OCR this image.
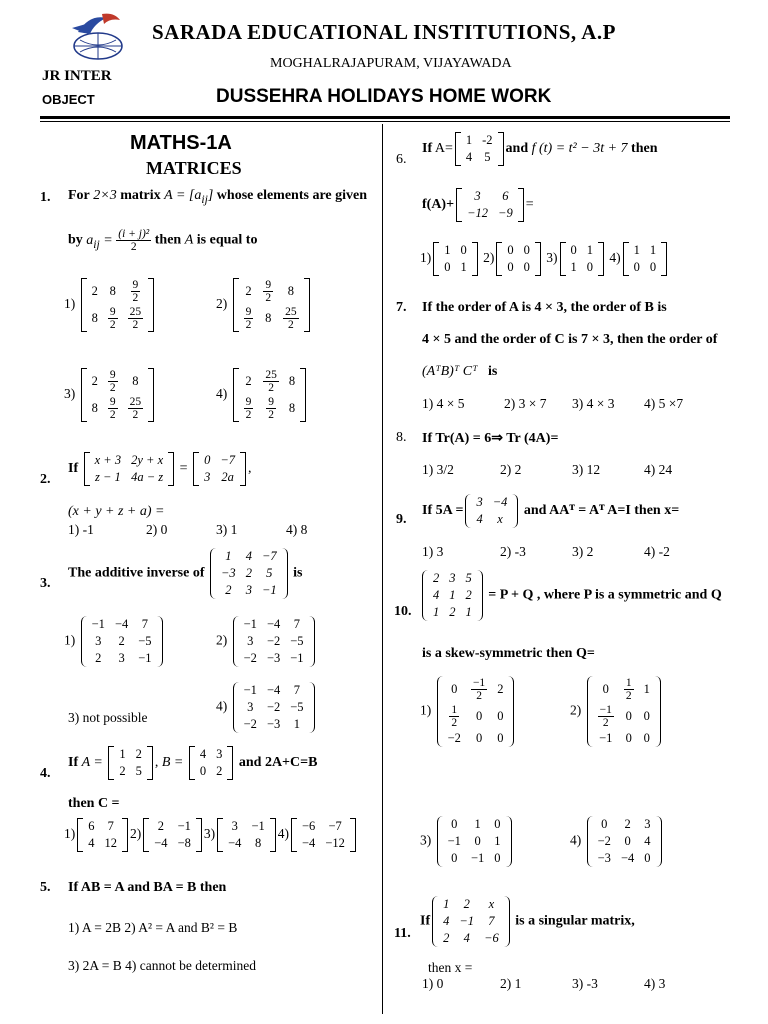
SARADA EDUCATIONAL INSTITUTIONS, A.P
MOGHALRAJAPURAM, VIJAYAWADA
JR INTER
OBJECT	DUSSEHRA HOLIDAYS HOME WORK
MATHS-1A
MATRICES
1. For 2×3 matrix $A = [a_{ij}]$ whose elements are given
by $a_{ij} = \frac{\text{(i + j)²}}{2}$ then A is equal to
1)
2	8	$\frac{9}{2}$

8	$\frac{9}{2}$	$\frac{25}{2}$
2)
2	$\frac{9}{2}$	8

$\frac{9}{2}$	8	$\frac{25}{2}$
3)
2	$\frac{9}{2}$	8
8	$\frac{9}{2}$	$\frac{25}{2}$
4)
2	$\frac{25}{2}$	8

$\frac{9}{2}$	$\frac{9}{2}$	8
2.
If
x + 3	2y + x
z − 1	4a − z
=
0	−7
3	2a
,
(x + y + z + a) =
1) -1	2) 0	3) 1	4) 8
3.
The additive inverse of
1	4	−7
−3	2	5
2	3	−1
is
1)
−1	−4	7
3	2	−5
2	3	−1
2)
−1	−4	7
3	−2	−5
−2	−3	−1
3) not possible
4)
−1	−4	7
3	−2	−5
−2	−3	1
4.
If A =
1	2
2	5
, B =
4	3
0	2
and 2A+C=B
then C =
1)
6	7
4	12
2)
2	−1
−4	−8
3)
3	−1
−4	8
4)
−6	−7
−4	−12
5. If AB = A and BA = B then
1) A = 2B 2) A² = A and B² = B
3) 2A = B 4) cannot be determined
6.
If A=
1	-2
4	5
and f (t) = t² − 3t + 7 then
f(A)+
3	6
−12	−9
=
1)
1	0
0	1
2)
0	0
0	0
3)
0	1
1	0
4)
1	1
0	0
7. If the order of A is 4 × 3, the order of B is
4 × 5 and the order of C is 7 × 3, then the order of
(AᵀB)ᵀ Cᵀ is
1) 4 × 5	2) 3 × 7 3) 4 × 3 4) 5 ×7
8. If Tr(A) = 6⇒ Tr (4A)=
1) 3/2	2) 2	3) 12	4) 24
9.
If 5A =
3	−4
4	x
and AAᵀ = Aᵀ A=I then x=
1) 3	2) -3	3) 2	4) -2
10.
2	3	5
4	1	2
1	2	1
= P + Q , where P is a symmetric and Q
is a skew-symmetric then Q=
1)
0	$\frac{-1}{2}$	2

$\frac{1}{2}$	0	0
−2	0	0
2)
0	$\frac{1}{2}$	1

$\frac{-1}{2}$	0	0
−1	0	0
3)
0	1	0
−1	0	1
0	−1	0
4)
0	2	3
−2	0	4
−3	−4	0
11.
If
1	2	x
4	−1	7
2	4	−6
is a singular matrix,
then x =
1) 0	2) 1	3) -3	4) 3
